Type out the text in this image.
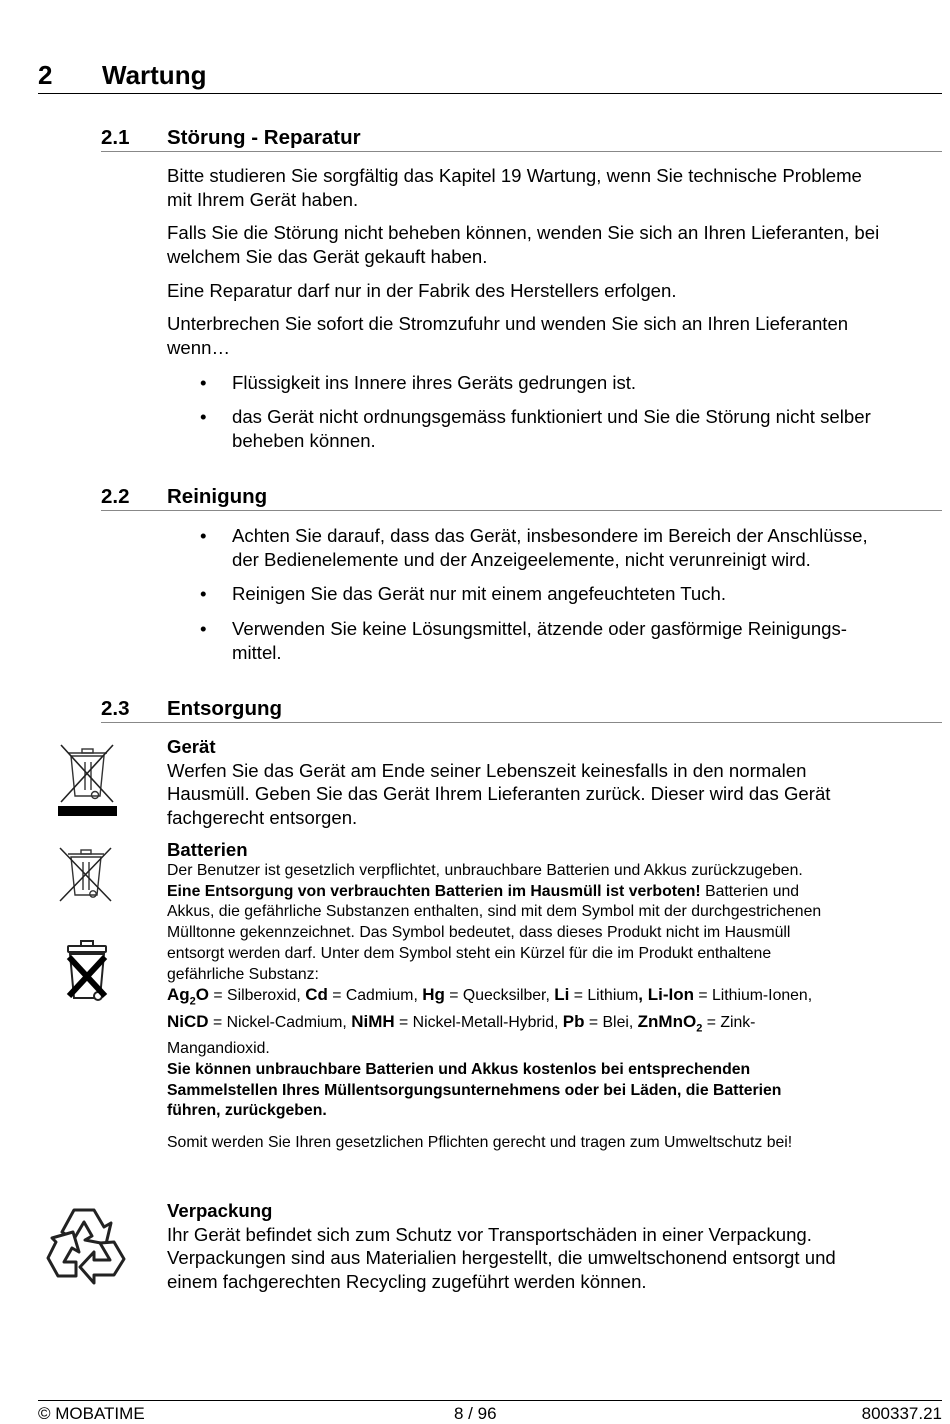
2 Wartung
2.1 Störung - Reparatur
Bitte studieren Sie sorgfältig das Kapitel 19 Wartung, wenn Sie technische Probleme
mit Ihrem Gerät haben.
Falls Sie die Störung nicht beheben können, wenden Sie sich an Ihren Lieferanten, bei
welchem Sie das Gerät gekauft haben.
Eine Reparatur darf nur in der Fabrik des Herstellers erfolgen.
Unterbrechen Sie sofort die Stromzufuhr und wenden Sie sich an Ihren Lieferanten
wenn…
• Flüssigkeit ins Innere ihres Geräts gedrungen ist.
• das Gerät nicht ordnungsgemäss funktioniert und Sie die Störung nicht selber
beheben können.
2.2 Reinigung
• Achten Sie darauf, dass das Gerät, insbesondere im Bereich der Anschlüsse,
der Bedienelemente und der Anzeigeelemente, nicht verunreinigt wird.
• Reinigen Sie das Gerät nur mit einem angefeuchteten Tuch.
• Verwenden Sie keine Lösungsmittel, ätzende oder gasförmige Reinigungs-
mittel.
2.3 Entsorgung
Gerät
Werfen Sie das Gerät am Ende seiner Lebenszeit keinesfalls in den normalen
Hausmüll. Geben Sie das Gerät Ihrem Lieferanten zurück. Dieser wird das Gerät
fachgerecht entsorgen.
Batterien
Der Benutzer ist gesetzlich verpflichtet, unbrauchbare Batterien und Akkus zurückzugeben.
Eine Entsorgung von verbrauchten Batterien im Hausmüll ist verboten! Batterien und
Akkus, die gefährliche Substanzen enthalten, sind mit dem Symbol mit der durchgestrichenen
Mülltonne gekennzeichnet. Das Symbol bedeutet, dass dieses Produkt nicht im Hausmüll
entsorgt werden darf. Unter dem Symbol steht ein Kürzel für die im Produkt enthaltene
gefährliche Substanz:
$Ag_2O$ = Silberoxid, Cd = Cadmium, Hg = Quecksilber, Li = Lithium, Li-Ion = Lithium-Ionen,
NiCD = Nickel-Cadmium, NiMH = Nickel-Metall-Hybrid, Pb = Blei, ZnMnO$_2$ = Zink-
Mangandioxid.
Sie können unbrauchbare Batterien und Akkus kostenlos bei entsprechenden
Sammelstellen Ihres Müllentsorgungsunternehmens oder bei Läden, die Batterien
führen, zurückgeben.
Somit werden Sie Ihren gesetzlichen Pflichten gerecht und tragen zum Umweltschutz bei!
Verpackung
Ihr Gerät befindet sich zum Schutz vor Transportschäden in einer Verpackung.
Verpackungen sind aus Materialien hergestellt, die umweltschonend entsorgt und
einem fachgerechten Recycling zugeführt werden können.
© MOBATIME	8 / 96	800337.21
